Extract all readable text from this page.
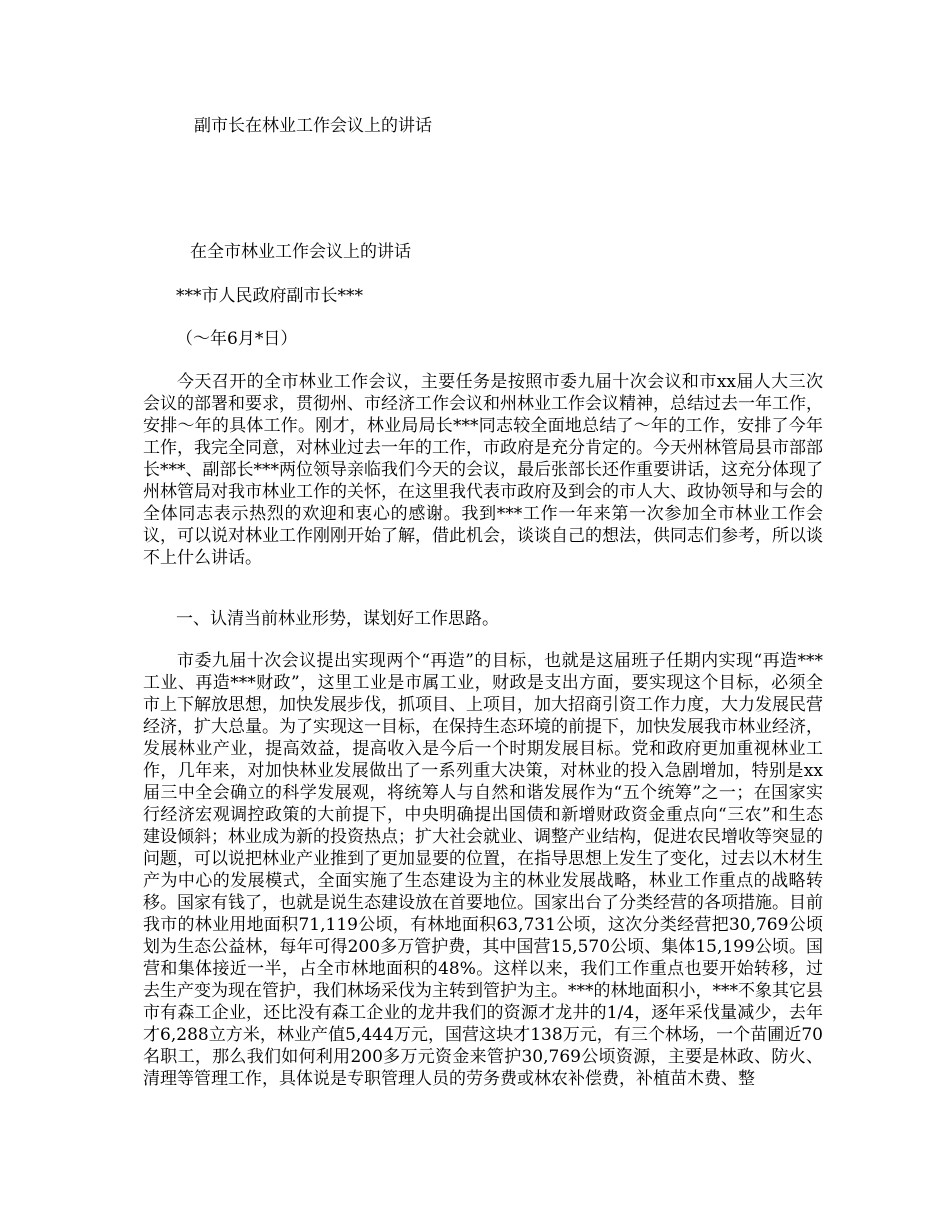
副市长在林业工作会议上的讲话
在全市林业工作会议上的讲话
***市人民政府副市长***
（～年6月*日）

今天召开的全市林业工作会议，主要任务是按照市委九届十次会议和市xx届人大三次会议的部署和要求，贯彻州、市经济工作会议和州林业工作会议精神，总结过去一年工作，安排～年的具体工作。刚才，林业局局长***同志较全面地总结了～年的工作，安排了今年工作，我完全同意，对林业过去一年的工作，市政府是充分肯定的。今天州林管局县市部部长***、副部长***两位领导亲临我们今天的会议，最后张部长还作重要讲话，这充分体现了州林管局对我市林业工作的关怀，在这里我代表市政府及到会的市人大、政协领导和与会的全体同志表示热烈的欢迎和衷心的感谢。我到***工作一年来第一次参加全市林业工作会议，可以说对林业工作刚刚开始了解，借此机会，谈谈自己的想法，供同志们参考，所以谈不上什么讲话。

一、认清当前林业形势，谋划好工作思路。

市委九届十次会议提出实现两个“再造”的目标，也就是这届班子任期内实现“再造***工业、再造***财政”，这里工业是市属工业，财政是支出方面，要实现这个目标，必须全市上下解放思想，加快发展步伐，抓项目、上项目，加大招商引资工作力度，大力发展民营经济，扩大总量。为了实现这一目标，在保持生态环境的前提下，加快发展我市林业经济，发展林业产业，提高效益，提高收入是今后一个时期发展目标。党和政府更加重视林业工作，几年来，对加快林业发展做出了一系列重大决策，对林业的投入急剧增加，特别是xx届三中全会确立的科学发展观，将统筹人与自然和谐发展作为“五个统筹”之一；在国家实行经济宏观调控政策的大前提下，中央明确提出国债和新增财政资金重点向“三农”和生态建设倾斜；林业成为新的投资热点；扩大社会就业、调整产业结构，促进农民增收等突显的问题，可以说把林业产业推到了更加显要的位置，在指导思想上发生了变化，过去以木材生产为中心的发展模式，全面实施了生态建设为主的林业发展战略，林业工作重点的战略转移。国家有钱了，也就是说生态建设放在首要地位。国家出台了分类经营的各项措施。目前我市的林业用地面积71,119公顷，有林地面积63,731公顷，这次分类经营把30,769公顷划为生态公益林，每年可得200多万管护费，其中国营15,570公顷、集体15,199公顷。国营和集体接近一半，占全市林地面积的48%。这样以来，我们工作重点也要开始转移，过去生产变为现在管护，我们林场采伐为主转到管护为主。***的林地面积小，***不象其它县市有森工企业，还比没有森工企业的龙井我们的资源才龙井的1/4，逐年采伐量减少，去年才6,288立方米，林业产值5,444万元，国营这块才138万元，有三个林场，一个苗圃近70名职工，那么我们如何利用200多万元资金来管护30,769公顷资源，主要是林政、防火、清理等管理工作，具体说是专职管理人员的劳务费或林农补偿费，补植苗木费、整
